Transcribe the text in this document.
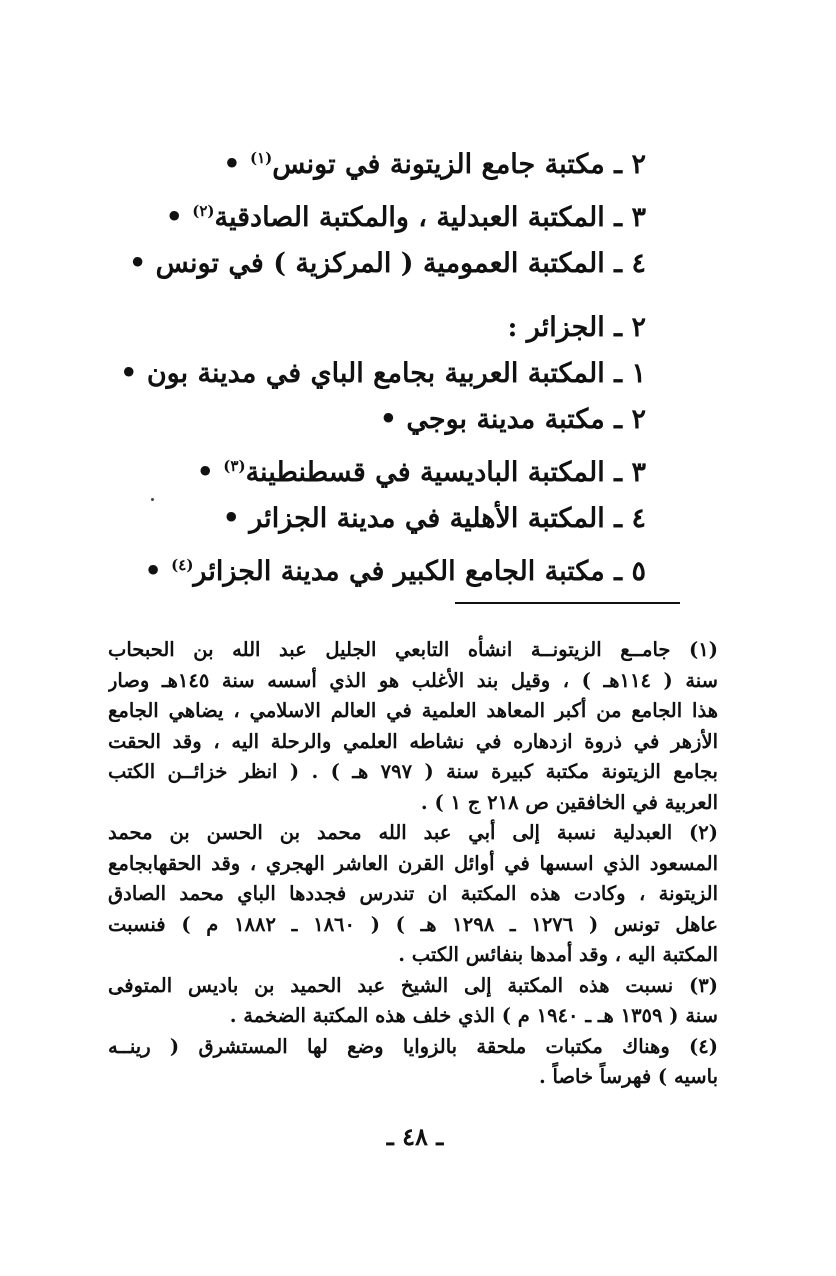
٢ ـ مكتبة جامع الزيتونة في تونس$^{(١)}$ •
٣ ـ المكتبة العبدلية ، والمكتبة الصادقية$^{(٢)}$ •
٤ ـ المكتبة العمومية ( المركزية ) في تونس •
٢ ـ الجزائر :
١ ـ المكتبة العربية بجامع الباي في مدينة بون •
٢ ـ مكتبة مدينة بوجي •
٣ ـ المكتبة الباديسية في قسطنطينة$^{(٣)}$ •
٤ ـ المكتبة الأهلية في مدينة الجزائر •
٥ ـ مكتبة الجامع الكبير في مدينة الجزائر$^{(٤)}$ •
(١) جامــع الزيتونــة انشأه التابعي الجليل عبد الله بن الحبحاب
سنة ( ١١٤هـ ) ، وقيل بند الأغلب هو الذي أسسه سنة ١٤٥هـ وصار
هذا الجامع من أكبر المعاهد العلمية في العالم الاسلامي ، يضاهي الجامع
الأزهر في ذروة ازدهاره في نشاطه العلمي والرحلة اليه ، وقد الحقت
بجامع الزيتونة مكتبة كبيرة سنة ( ٧٩٧ هـ ) . ( انظر خزائــن الكتب
العربية في الخافقين ص ٢١٨ ج ١ ) .
(٢) العبدلية نسبة إلى أبي عبد الله محمد بن الحسن بن محمد
المسعود الذي اسسها في أوائل القرن العاشر الهجري ، وقد الحقهابجامع
الزيتونة ، وكادت هذه المكتبة ان تندرس فجددها الباي محمد الصادق
عاهل تونس ( ١٢٧٦ ـ ١٢٩٨ هـ ) ( ١٨٦٠ ـ ١٨٨٢ م ) فنسبت
المكتبة اليه ، وقد أمدها بنفائس الكتب .
(٣) نسبت هذه المكتبة إلى الشيخ عبد الحميد بن باديس المتوفى
سنة ( ١٣٥٩ هـ ـ ١٩٤٠ م ) الذي خلف هذه المكتبة الضخمة .
(٤) وهناك مكتبات ملحقة بالزوايا وضع لها المستشرق ( رينــه
باسيه ) فهرساً خاصاً .
ـ ٤٨ ـ
